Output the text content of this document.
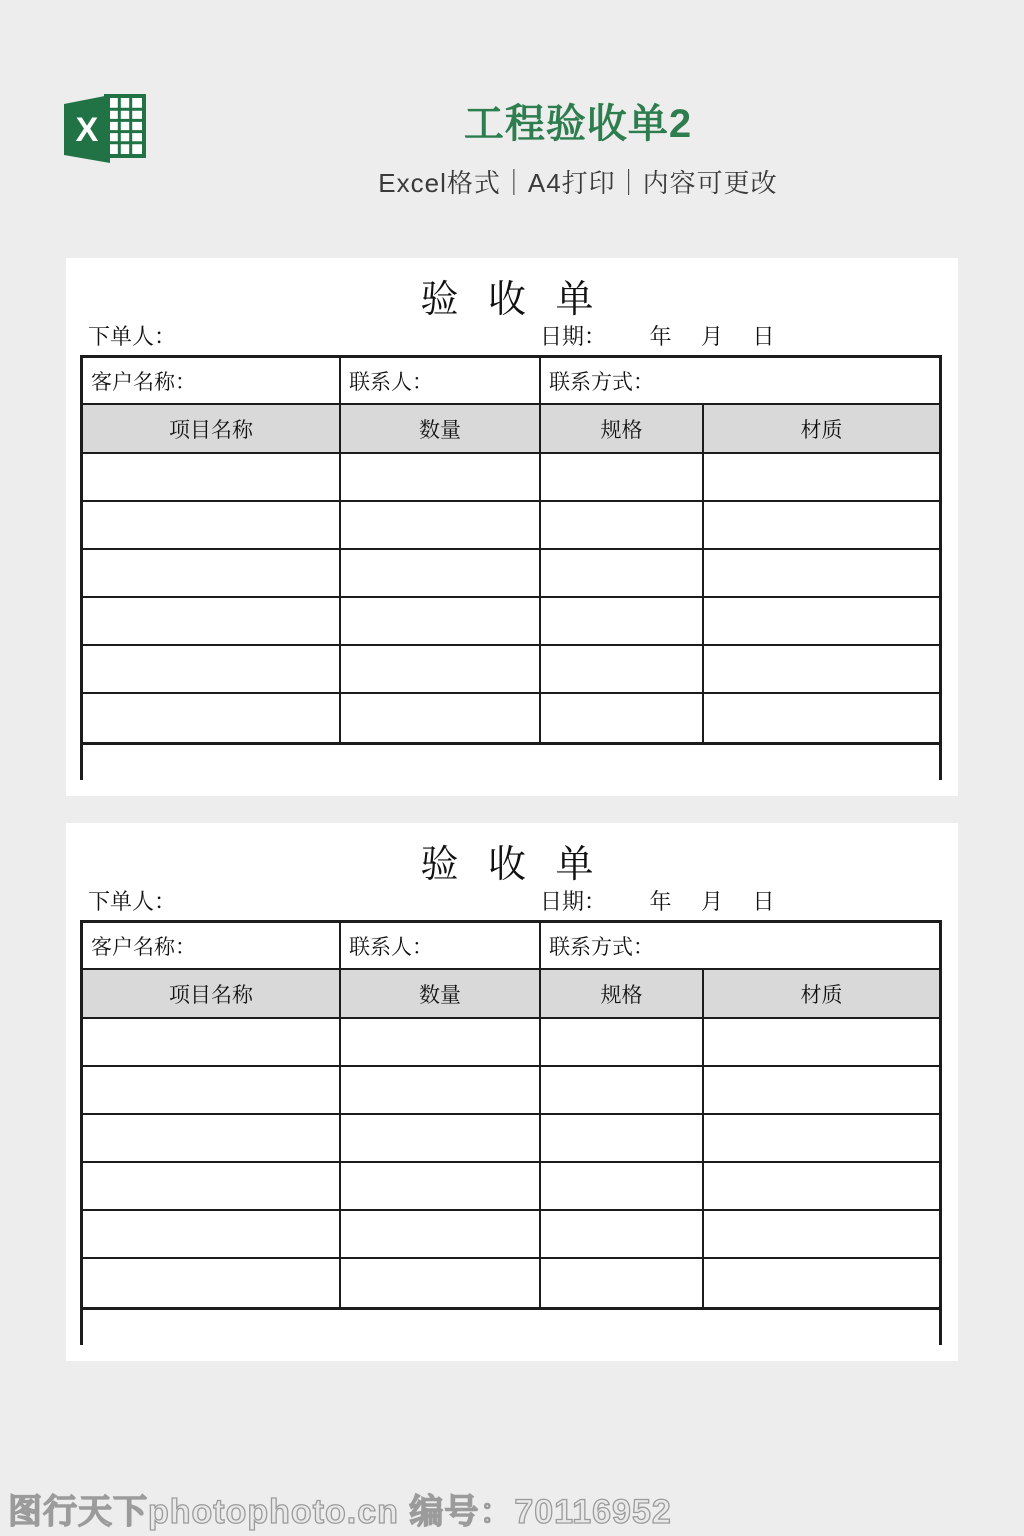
X	工程验收单2
Excel格式｜A4打印｜内容可更改
验 收 单
下单人：	日期： 年 月 日
客户名称：	联系人：	联系方式：
项目名称	数量	规格	材质
验 收 单
下单人：	日期： 年 月 日
客户名称：	联系人：	联系方式：
项目名称	数量	规格	材质
图行天下photophoto.cn 编号：70116952
